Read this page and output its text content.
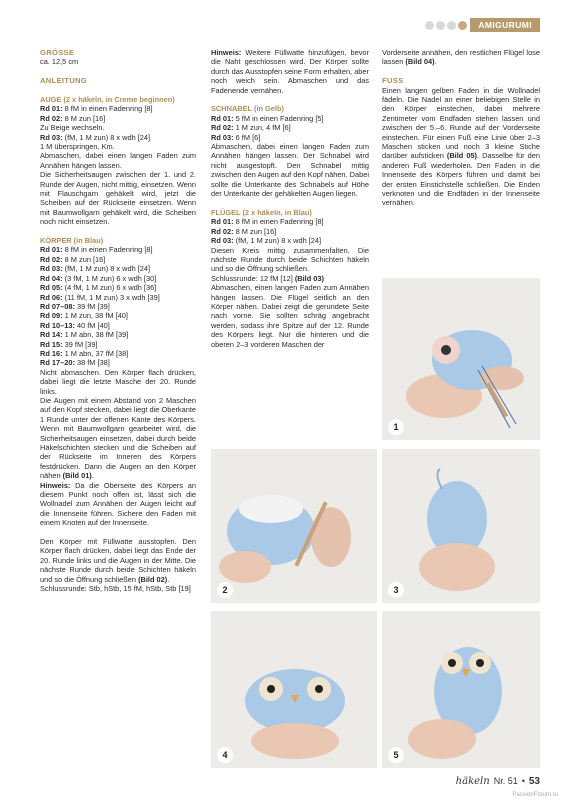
AMIGURUMI
GRÖSSE
ca. 12,5 cm
ANLEITUNG
AUGE (2 x häkeln, in Creme beginnen)
Rd 01: 8 fM in einen Fadenring [8]
Rd 02: 8 M zun [16]
Zu Beige wechseln.
Rd 03: (fM, 1 M zun) 8 x wdh [24]
1 M überspringen, Km.

Abmaschen, dabei einen langen Faden zum Annähen hängen lassen.

Die Sicherheitsaugen zwischen der 1. und 2. Runde der Augen, nicht mittig, einsetzen. Wenn mit Flauschgarn gehäkelt wird, jetzt die Scheiben auf der Rückseite einsetzen. Wenn mit Baumwollgarn gehäkelt wird, die Scheiben noch nicht einsetzen.

KÖRPER (in Blau)
Rd 01: 8 fM in einen Fadenring [8]
Rd 02: 8 M zun [16]
Rd 03: (fM, 1 M zun) 8 x wdh [24]
Rd 04: (3 fM, 1 M zun) 6 x wdh [30]
Rd 05: (4 fM, 1 M zun) 6 x wdh [36]
Rd 06: (11 fM, 1 M zun) 3 x wdh [39]
Rd 07–08: 39 fM [39]
Rd 09: 1 M zun, 38 fM [40]
Rd 10–13: 40 fM [40]
Rd 14: 1 M abn, 38 fM [39]
Rd 15: 39 fM [39]
Rd 16: 1 M abn, 37 fM [38]
Rd 17–20: 38 fM [38]

Nicht abmaschen. Den Körper flach drücken, dabei liegt die letzte Masche der 20. Runde links.

Die Augen mit einem Abstand von 2 Maschen auf den Kopf stecken, dabei liegt die Oberkante 1 Runde unter der offenen Kante des Körpers. Wenn mit Baumwollgarn gearbeitet wird, die Sicherheitsaugen einsetzen, dabei durch beide Häkelschichten stecken und die Scheiben auf der Rückseite im Inneren des Körpers festdrücken. Dann die Augen an den Körper nähen (Bild 01).

Hinweis: Da die Oberseite des Körpers an diesem Punkt noch offen ist, lässt sich die Wollnadel zum Annähen der Augen leicht auf die Innenseite führen. Sichere den Faden mit einem Knoten auf der Innenseite.

Den Körper mit Füllwatte ausstopfen. Den Körper flach drücken, dabei liegt das Ende der 20. Runde links und die Augen in der Mitte. Die nächste Runde durch beide Schichten häkeln und so die Öffnung schließen (Bild 02).

Schlussrunde: Stb, hStb, 15 fM, hStb, Stb [19]

Hinweis: Weitere Füllwatte hinzufügen, bevor die Naht geschlossen wird. Der Körper sollte durch das Ausstopfen seine Form erhalten, aber noch weich sein. Abmaschen und das Fadenende vernähen.

SCHNABEL (in Gelb)
Rd 01: 5 fM in einen Fadenring [5]
Rd 02: 1 M zun, 4 fM [6]
Rd 03: 6 fM [6]

Abmaschen, dabei einen langen Faden zum Annähen hängen lassen. Der Schnabel wird nicht ausgestopft. Den Schnabel mittig zwischen den Augen auf den Kopf nähen. Dabei sollte die Unterkante des Schnabels auf Höhe der Unterkante der gehäkelten Augen liegen.

FLÜGEL (2 x häkeln, in Blau)
Rd 01: 8 fM in einen Fadenring [8]
Rd 02: 8 M zun [16]
Rd 03: (fM, 1 M zun) 8 x wdh [24]

Diesen Kreis mittig zusammenfalten. Die nächste Runde durch beide Schichten häkeln und so die Öffnung schließen.

Schlussrunde: 12 fM [12] (Bild 03)

Abmaschen, einen langen Faden zum Annähen hängen lassen. Die Flügel seitlich an den Körper nähen. Dabei zeigt die gerundete Seite nach vorne. Sie sollten schräg angebracht werden, sodass ihre Spitze auf der 12. Runde des Körpers liegt. Nur die hinteren und die oberen 2–3 vorderen Maschen der

Vorderseite annähen, den restlichen Flügel lose lassen (Bild 04).

FUSS

Einen langen gelben Faden in die Wollnadel fädeln. Die Nadel an einer beliebigen Stelle in den Körper einstechen, dabei mehrere Zentimeter vom Endfaden stehen lassen und zwischen der 5.–6. Runde auf der Vorderseite einstechen. Für einen Fuß eine Linie über 2–3 Maschen sticken und noch 3 kleine Stiche darüber aufsticken (Bild 05). Dasselbe für den anderen Fuß wiederholen. Den Faden in die Innenseite des Körpers führen und damit bei der ersten Einstichstelle schließen. Die Enden verknoten und die Endfäden in der Innenseite vernähen.

1
2	3
4	5
häkeln Nr. 51 • 53
PassionForum.ru
